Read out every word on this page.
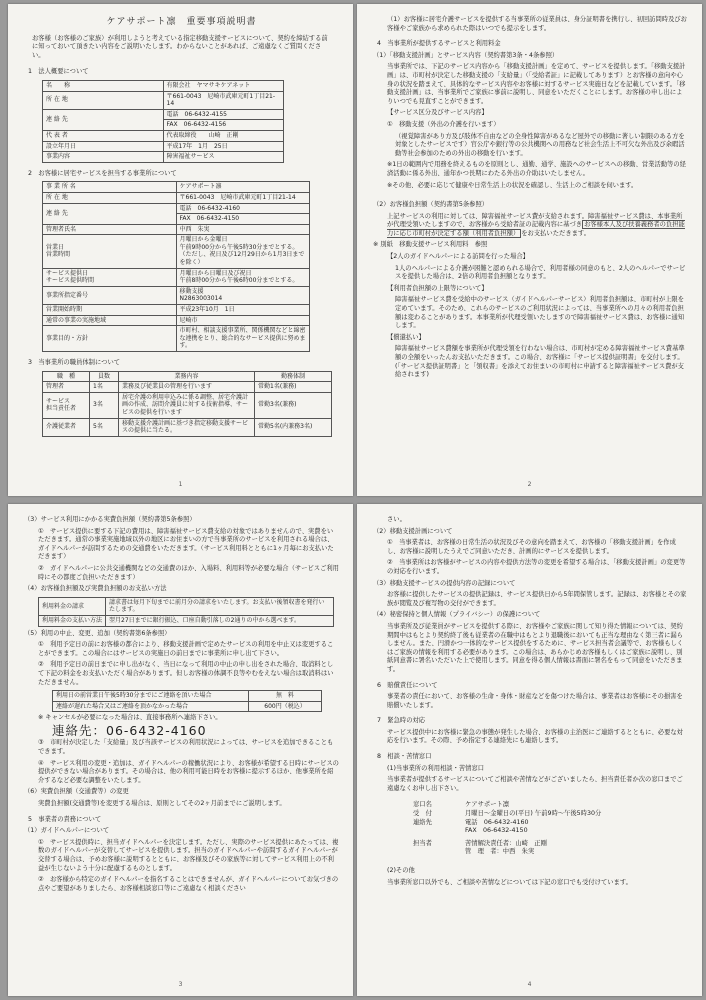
ケアサポート凛　重要事項説明書

お客様（お客様のご家族）が利用しようと考えている指定移動支援サービスについて、契約を締結する前に知っておいて頂きたい内容をご説明いたします。わからないことがあれば、ご遠慮なくご質問ください。

1　法人概要について

名　　称	有限会社　ヤマサキケアネット
所 在 地	〒661-0043　尼崎市武庫元町1丁目21-14
連 絡 先	電話　06-6432-4155
	FAX　06-6432-4156
代 表 者	代表取締役　　山崎　正剛
設立年月日	平成17年　1月　25日
事業内容	障害福祉サービス

2　お客様に居宅サービスを担当する事業所について

事 業 所 名	ケアサポート凛
所 在 地	〒661-0043　尼崎市武庫元町1丁目21-14
連 絡 先	電話　06-6432-4160
	FAX　06-6432-4150
管理者氏名	中西　朱実
営業日
営業時間	月曜日から金曜日
午前9時00分から午後5時30分までとする。
（ただし、祝日及び12月29日から1月3日までを除く）
サービス提供日
サービス提供時間	月曜日から日曜日及び祝日
午前8時00分から午後6時00分までとする。
事業所指定番号	移動支援
N2863003014
営業開始時期	平成23年10月　1日
通常の事業の実施地域	尼崎市
事業目的・方針	市町村、相談支援事業所、関係機関などと綿密な連携をとり、総合的なサービス提供に努めます。

3　当事業所の職員体制について

職　種	員数	業務内容	勤務体制
管理者	1名	業務及び従業員の管理を行います	常勤1名(兼務)
サービス
担当責任者	3名	居宅介護の利用申込みに係る調整、居宅介護計画の作成、訪問介護員に対する技術指導、サービスの提供を行います	常勤3名(兼務)
介護従業者	5名	移動支援介護計画に基づき指定移動支援サービスの提供に当たる。	常勤5名(内兼務3名)
1

（1）お客様に居宅介護サービスを提供する当事業所の従業員は、身分証明書を携行し、初回訪問時及びお客様やご家族から求められた際はいつでも提示をします。

4　当事業所が提供するサービスと利用料金

（1）「移動支援計画」とサービス内容（契約書第3条・4条参照）

当事業所では、下記のサービス内容から「移動支援計画」を定めて、サービスを提供します。「移動支援計画」は、市町村が決定した移動支援の「支給量」（「受給者証」に記載してあります）とお客様の意向や心身の状況を踏まえて、具体的なサービス内容やお客様に対するサービス実施日などを記載しています。「移動支援計画」は、当事業所でご家族に事前に説明し、同意をいただくことにします。お客様の申し出によりいつでも見直すことができます。

【サービス区分及びサービス内容】

①　移動支援（外出の介護を行います）

（視覚障害があり方及び肢体不自由などの全身性障害があるなど屋外での移動に著しい制限のある方を対象としたサービスです）官公庁や銀行等の公共機関への用務など社会生活上不可欠な外出及び余暇活動等社会参加のための外出の移動を行います。

※1日の範囲内で用務を終えるものを原則とし、通勤、通学、施設へのサービスへの移動、営業活動等の経済活動に係る外出、通年かつ長期にわたる外出の介助はいたしません。

※その他、必要に応じて健康や日常生活上の状況を確認し、生活上のご相談を伺います。

（2）お客様負担額（契約書第5条参照）

上記サービスの利用に対しては、障害福祉サービス費が支給されます。障害福祉サービス費は、本事業所が代理受領いたしますので、お客様から受給者証の記載内容に基づき お客様本人及び扶養義務者の負担能力に応じ市町村が決定する額（利用者負担額） をお支払いただきます。

※ 別紙　移動支援サービス利用料　参照

【2人のガイドヘルパーによる訪問を行った場合】

1人のヘルパーによる介護が困難と認められる場合で、利用者様の同意のもと、2人のヘルパーでサービスを提供した場合は、2倍の利用者負担額となります。

【利用者負担額の上限等について】

障害福祉サービス費を受給中のサービス（ガイドヘルパーサービス）利用者負担額は、市町村が上限を定めています。そのため、これらのサービスのご利用状況によっては、当事業所への月々の利用者負担額は変わることがあります。本事業所が代理受領いたしますので障害福祉サービス費は、お客様に通知します。

【償還払い】

障害福祉サービス費額を事業所が代理受領を行わない場合は、市町村が定める障害福祉サービス費基準額の全額をいったんお支払いただきます。この場合、お客様に「サービス提供証明書」を交付します。(「サービス提供証明書」と「領収書」を添えてお住まいの市町村に申請すると障害福祉サービス費が支給されます)

2

（3）サービス利用にかかる実費負担額（契約書第5条参照）

①　サービス提供に要する下記の費用は、障害福祉サービス費支給の対象ではありませんので、実費をいただきます。通常の事業実施地域以外の地区にお住まいの方で当事業所のサービスを利用される場合は、ガイドヘルパーが訪問するための交通費をいただきます。（サービス利用料とともに1ヶ月毎にお支払いただきます）

②　ガイドヘルパーに公共交通機関などの交通費のほか、入場料、利用料等が必要な場合（サービスご利用時にその都度ご負担いただきます）

（4）お客様負担額及び実費負担額のお支払い方法

利用料金の請求	請求書は毎月下旬までに前月分の請求をいたします。お支払い後領収書を発行いたします。
利用料金の支払い方法	翌月27日までに銀行振込、口座自動引落しの2通りの中から選べます。

（5）利用の中止、変更、追加（契約書第6条参照）

①　利用予定日の前にお客様の都合により、移動支援計画で定めたサービスの利用を中止又は変更することができます。この場合にはサービスの実施日の前日までに事業所に申し出て下さい。

②　利用予定日の前日までに申し出がなく、当日になって利用の中止の申し出をされた場合、取消料として下記の料金をお支払いただく場合があります。但しお客様の体調不良等やむをえない場合は取消料はいただきません。

利用日の前営業日午後5時30分までにご連絡を頂いた場合	無　料
連絡が遅れた場合又はご連絡を頂かなかった場合	600円（税込）

※ キャンセルが必要になった場合は、直接事務所へ連絡下さい。

連絡先：06-6432-4160

③　市町村が決定した「支給量」及び当該サービスの利用状況によっては、サービスを追加できることもできます。

④　サービス利用の変更・追加は、ガイドヘルパーの稼働状況により、お客様が希望する日時にサービスの提供ができない場合があります。その場合は、他の利用可能日時をお客様に提示するほか、他事業所を紹介するなど必要な調整をいたします。

（6）実費負担額（交通費等）の変更

実費負担額(交通費等)を変更する場合は、原則としてその2ヶ月前までにご説明します。

5　事業者の責務について

（1）ガイドヘルパーについて

①　サービス提供時に、担当ガイドヘルパーを決定します。ただし、実際のサービス提供にあたっては、複数のガイドヘルパーが交替してサービスを提供します。担当のガイドヘルパーや訪問するガイドヘルパーが交替する場合は、予めお客様に説明するとともに、お客様及びその家族等に対してサービス利用上の不利益が生じないよう十分に配慮するものとします。

②　お客様から特定のガイドヘルパーを指名することはできませんが、ガイドヘルパーについてお気づきの点やご要望がありましたら、お客様相談窓口等にご遠慮なく相談ください

3

さい。

（2）移動支援計画について

①　当事業者は、お客様の日常生活の状況及びその意向を踏まえて、お客様の「移動支援計画」を作成し、お客様に説明したうえでご同意いただき、計画的にサービスを提供します。

②　当事業所はお客様がサービスの内容や提供方法等の変更を希望する場合は、「移動支援計画」の変更等の対応を行います。

（3）移動支援サービスの提供内容の記録について

お客様に提供したサービスの提供記録は、サービス提供日から5年間保管します。記録は、お客様とその家族が閲覧及び複写物の交付ができます。

（4）秘密保持と個人情報（プライバシー）の保護について

当事業所及び従業員がサービスを提供する際に、お客様やご家族に関して知り得た情報については、契約期間中はもとより契約終了後も従業者の在職中はもとより退職後においても正当な理由なく第三者に漏らしません。また、円滑かつ一体的なサービス提供をするために、サービス担当者会議等で、お客様もしくはご家族の情報を利用する必要があります。この場合は、あらかじめお客様もしくはご家族に説明し、別紙同意書に署名いただいた上で使用します。同意を得る個人情報は書面に署名をもって同意をいただきます。

6　賠償責任について

事業者の責任において、お客様の生命・身体・財産などを傷つけた場合は、事業者はお客様にその損害を賠償いたします。

7　緊急時の対応

サービス提供中にお客様に緊急の事態が発生した場合、お客様の主治医にご連絡するとともに、必要な対応を行います。その際、予め指定する連絡先にも連絡します。

8　相談・苦情窓口

(1)当事業所の利用相談・苦情窓口

当事業者が提供するサービスについてご相談や苦情などがございましたら、担当責任者か次の窓口までご遠慮なくお申し出下さい。

窓口名	ケアサポート凛
受　付	月曜日～金曜日の(平日) 午前9時～午後5時30分
連絡先	電話　06-6432-4160
FAX　06-6432-4150
担当者	苦情解決責任者：山崎　正剛
管　理　者：中西　朱実

(2)その他

当事業所窓口以外でも、ご相談や苦情などについては下記の窓口でも受付けています。

4
